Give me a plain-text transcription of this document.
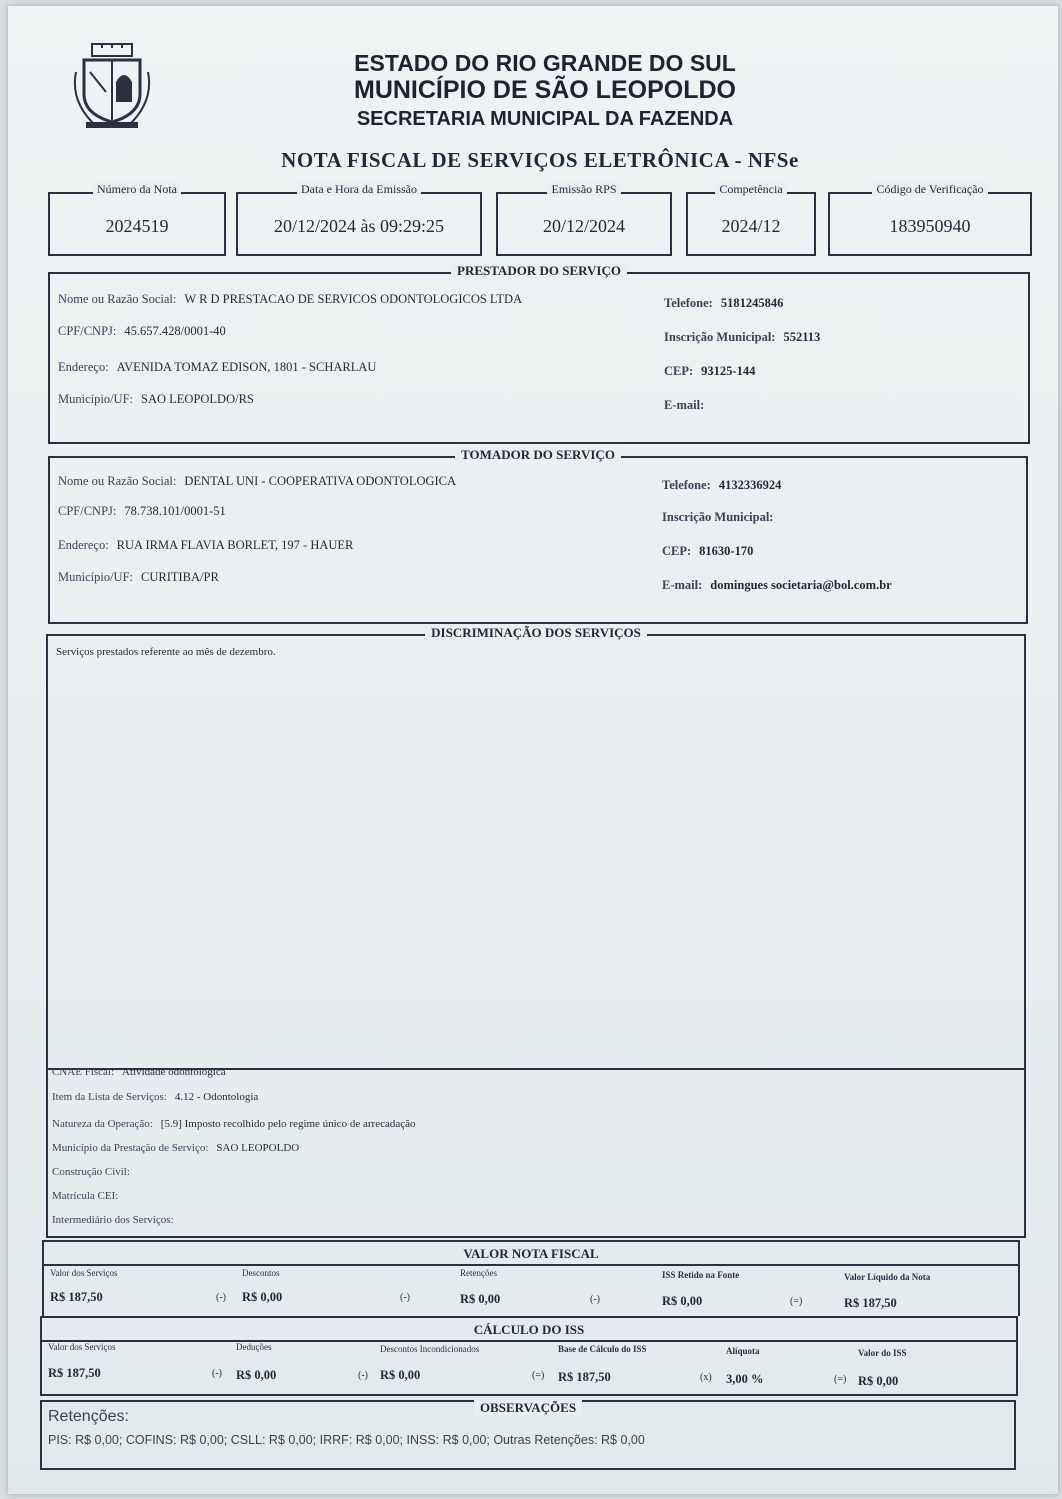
ESTADO DO RIO GRANDE DO SUL
MUNICÍPIO DE SÃO LEOPOLDO
SECRETARIA MUNICIPAL DA FAZENDA
NOTA FISCAL DE SERVIÇOS ELETRÔNICA - NFSe
Número da Nota
2024519
Data e Hora da Emissão
20/12/2024 às 09:29:25
Emissão RPS
20/12/2024
Competência
2024/12
Código de Verificação
183950940
PRESTADOR DO SERVIÇO
Nome ou Razão Social: W R D PRESTACAO DE SERVICOS ODONTOLOGICOS LTDA
CPF/CNPJ: 45.657.428/0001-40
Endereço: AVENIDA TOMAZ EDISON, 1801 - SCHARLAU
Município/UF: SAO LEOPOLDO/RS
Telefone: 5181245846
Inscrição Municipal: 552113
CEP: 93125-144
E-mail:
TOMADOR DO SERVIÇO
Nome ou Razão Social: DENTAL UNI - COOPERATIVA ODONTOLOGICA
CPF/CNPJ: 78.738.101/0001-51
Endereço: RUA IRMA FLAVIA BORLET, 197 - HAUER
Município/UF: CURITIBA/PR
Telefone: 4132336924
Inscrição Municipal:
CEP: 81630-170
E-mail: domingues societaria@bol.com.br
DISCRIMINAÇÃO DOS SERVIÇOS
Serviços prestados referente ao mês de dezembro.
CNAE Fiscal: Atividade odontológica
Item da Lista de Serviços: 4.12 - Odontologia
Natureza da Operação: [5.9] Imposto recolhido pelo regime único de arrecadação
Município da Prestação de Serviço: SAO LEOPOLDO
Construção Civil:
Matrícula CEI:
Intermediário dos Serviços:
VALOR NOTA FISCAL
Valor dos Serviços
R$ 187,50	(-)
Descontos
R$ 0,00	(-)
Retenções
R$ 0,00	(-)
ISS Retido na Fonte
R$ 0,00	(=)
Valor Líquido da Nota
R$ 187,50
CÁLCULO DO ISS
Valor dos Serviços
R$ 187,50	(-)
Deduções
R$ 0,00	(-)
Descontos Incondicionados
R$ 0,00	(=)
Base de Cálculo do ISS
R$ 187,50	(x)
Alíquota
3,00 %	(=)
Valor do ISS
R$ 0,00
OBSERVAÇÕES
Retenções:
PIS: R$ 0,00; COFINS: R$ 0,00; CSLL: R$ 0,00; IRRF: R$ 0,00; INSS: R$ 0,00; Outras Retenções: R$ 0,00
